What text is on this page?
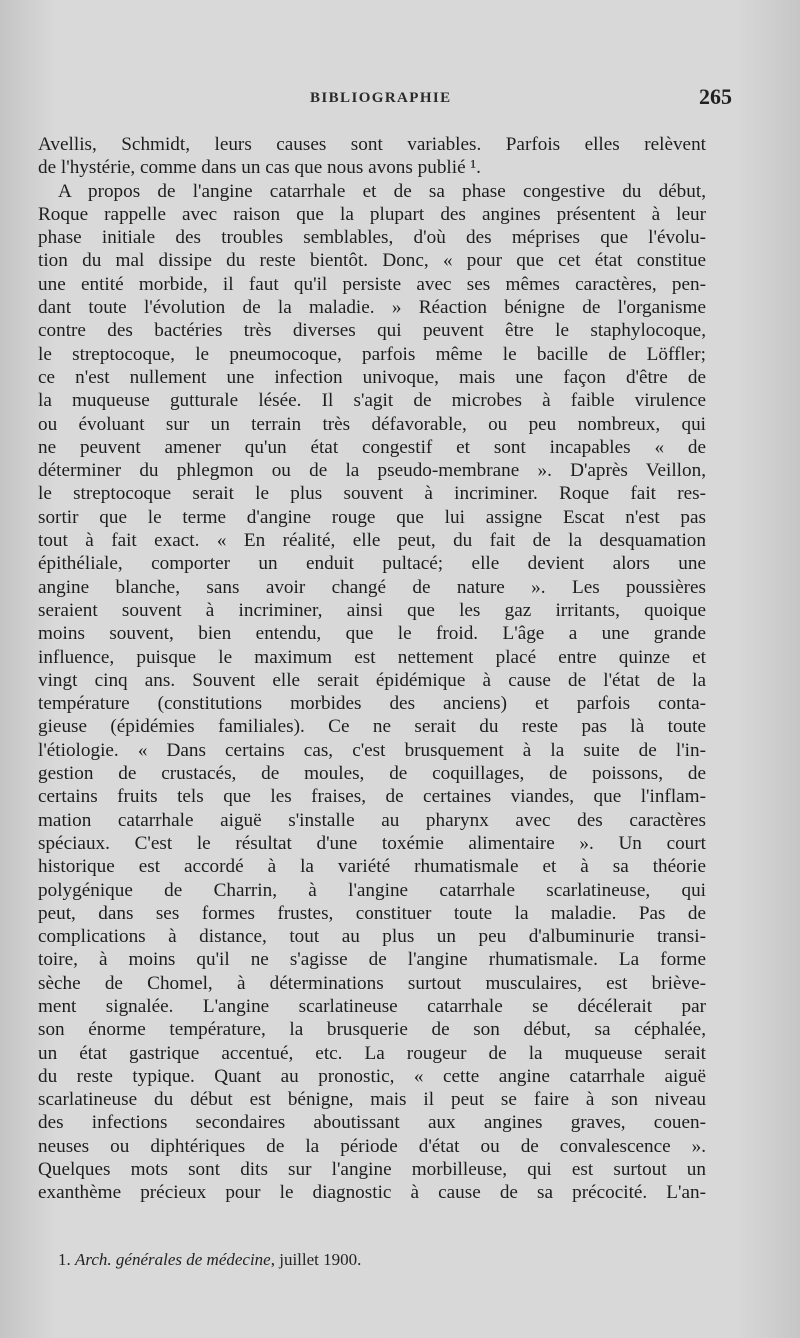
BIBLIOGRAPHIE	265
Avellis, Schmidt, leurs causes sont variables. Parfois elles relèvent
de l'hystérie, comme dans un cas que nous avons publié ¹.
A propos de l'angine catarrhale et de sa phase congestive du début,
Roque rappelle avec raison que la plupart des angines présentent à leur
phase initiale des troubles semblables, d'où des méprises que l'évolu-
tion du mal dissipe du reste bientôt. Donc, « pour que cet état constitue
une entité morbide, il faut qu'il persiste avec ses mêmes caractères, pen-
dant toute l'évolution de la maladie. » Réaction bénigne de l'organisme
contre des bactéries très diverses qui peuvent être le staphylocoque,
le streptocoque, le pneumocoque, parfois même le bacille de Löffler;
ce n'est nullement une infection univoque, mais une façon d'être de
la muqueuse gutturale lésée. Il s'agit de microbes à faible virulence
ou évoluant sur un terrain très défavorable, ou peu nombreux, qui
ne peuvent amener qu'un état congestif et sont incapables « de
déterminer du phlegmon ou de la pseudo-membrane ». D'après Veillon,
le streptocoque serait le plus souvent à incriminer. Roque fait res-
sortir que le terme d'angine rouge que lui assigne Escat n'est pas
tout à fait exact. « En réalité, elle peut, du fait de la desquamation
épithéliale, comporter un enduit pultacé; elle devient alors une
angine blanche, sans avoir changé de nature ». Les poussières
seraient souvent à incriminer, ainsi que les gaz irritants, quoique
moins souvent, bien entendu, que le froid. L'âge a une grande
influence, puisque le maximum est nettement placé entre quinze et
vingt cinq ans. Souvent elle serait épidémique à cause de l'état de la
température (constitutions morbides des anciens) et parfois conta-
gieuse (épidémies familiales). Ce ne serait du reste pas là toute
l'étiologie. « Dans certains cas, c'est brusquement à la suite de l'in-
gestion de crustacés, de moules, de coquillages, de poissons, de
certains fruits tels que les fraises, de certaines viandes, que l'inflam-
mation catarrhale aiguë s'installe au pharynx avec des caractères
spéciaux. C'est le résultat d'une toxémie alimentaire ». Un court
historique est accordé à la variété rhumatismale et à sa théorie
polygénique de Charrin, à l'angine catarrhale scarlatineuse, qui
peut, dans ses formes frustes, constituer toute la maladie. Pas de
complications à distance, tout au plus un peu d'albuminurie transi-
toire, à moins qu'il ne s'agisse de l'angine rhumatismale. La forme
sèche de Chomel, à déterminations surtout musculaires, est briève-
ment signalée. L'angine scarlatineuse catarrhale se décélerait par
son énorme température, la brusquerie de son début, sa céphalée,
un état gastrique accentué, etc. La rougeur de la muqueuse serait
du reste typique. Quant au pronostic, « cette angine catarrhale aiguë
scarlatineuse du début est bénigne, mais il peut se faire à son niveau
des infections secondaires aboutissant aux angines graves, couen-
neuses ou diphtériques de la période d'état ou de convalescence ».
Quelques mots sont dits sur l'angine morbilleuse, qui est surtout un
exanthème précieux pour le diagnostic à cause de sa précocité. L'an-
1. Arch. générales de médecine, juillet 1900.
